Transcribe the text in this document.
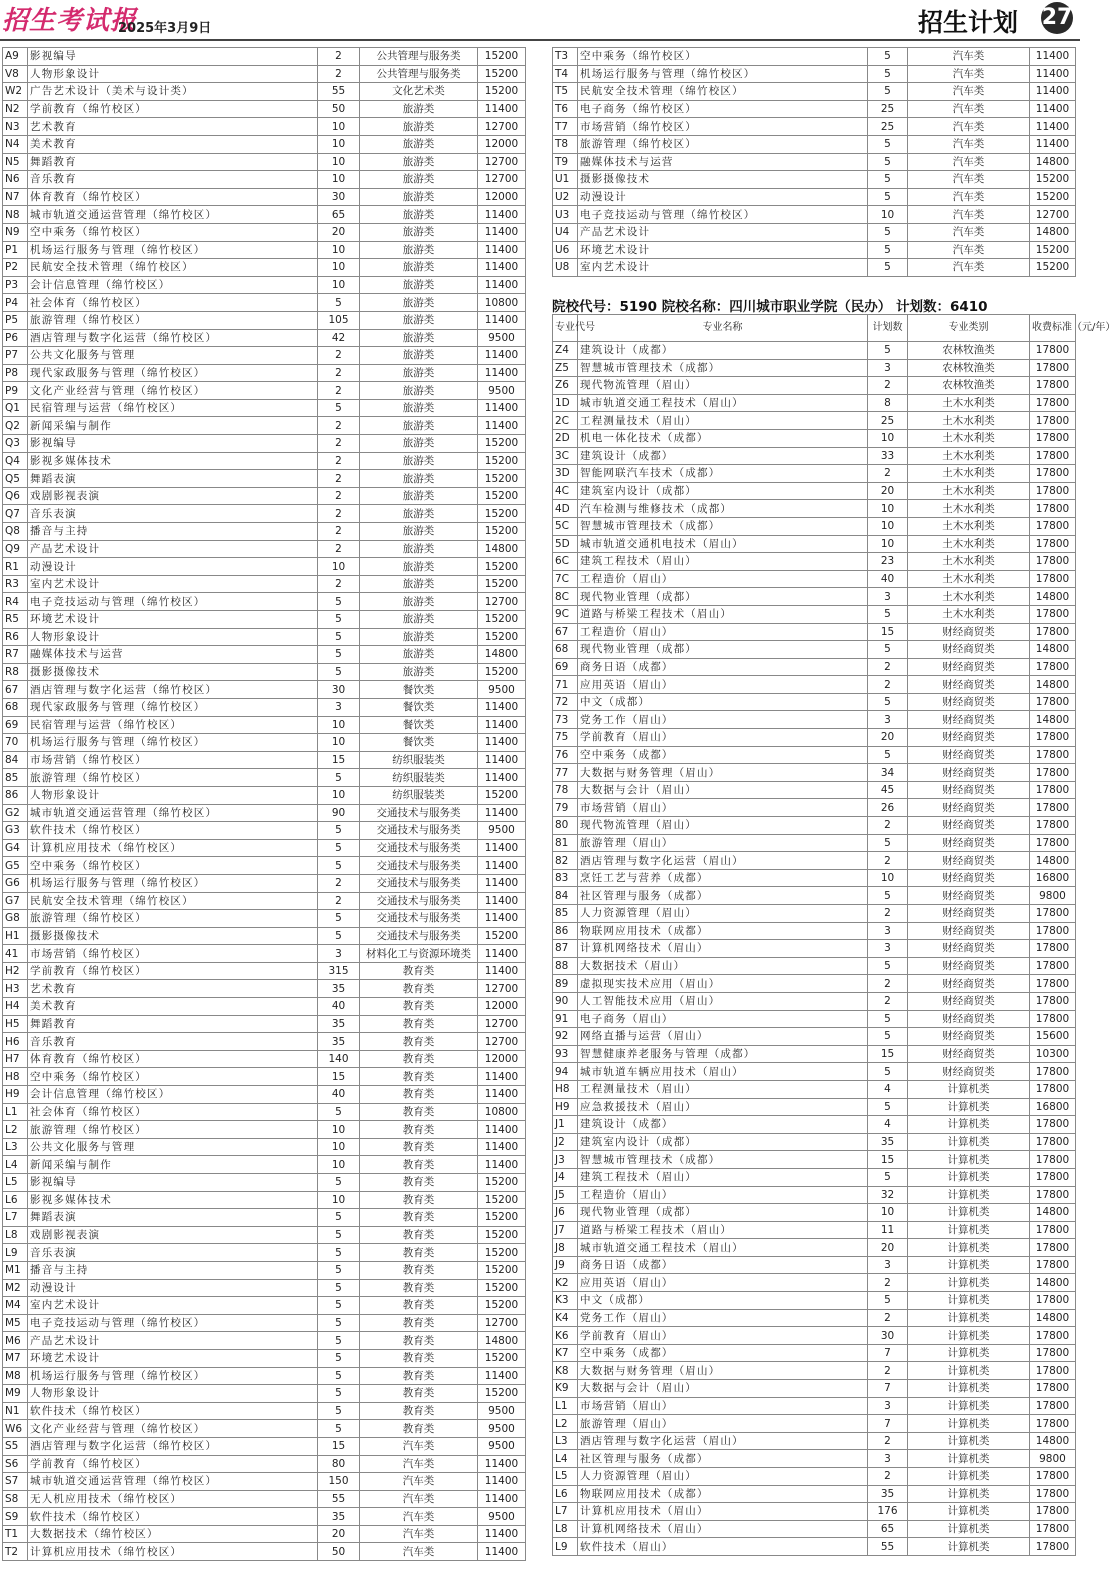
招生考试报
2025年3月9日	招生计划 27
A9	影视编导	2	公共管理与服务类	15200
V8	人物形象设计	2	公共管理与服务类	15200
W2	广告艺术设计（美术与设计类）	55	文化艺术类	15200
N2	学前教育（绵竹校区）	50	旅游类	11400
N3	艺术教育	10	旅游类	12700
N4	美术教育	10	旅游类	12000
N5	舞蹈教育	10	旅游类	12700
N6	音乐教育	10	旅游类	12700
N7	体育教育（绵竹校区）	30	旅游类	12000
N8	城市轨道交通运营管理（绵竹校区）	65	旅游类	11400
N9	空中乘务（绵竹校区）	20	旅游类	11400
P1	机场运行服务与管理（绵竹校区）	10	旅游类	11400
P2	民航安全技术管理（绵竹校区）	10	旅游类	11400
P3	会计信息管理（绵竹校区）	10	旅游类	11400
P4	社会体育（绵竹校区）	5	旅游类	10800
P5	旅游管理（绵竹校区）	105	旅游类	11400
P6	酒店管理与数字化运营（绵竹校区）	42	旅游类	9500
P7	公共文化服务与管理	2	旅游类	11400
P8	现代家政服务与管理（绵竹校区）	2	旅游类	11400
P9	文化产业经营与管理（绵竹校区）	2	旅游类	9500
Q1	民宿管理与运营（绵竹校区）	5	旅游类	11400
Q2	新闻采编与制作	2	旅游类	11400
Q3	影视编导	2	旅游类	15200
Q4	影视多媒体技术	2	旅游类	15200
Q5	舞蹈表演	2	旅游类	15200
Q6	戏剧影视表演	2	旅游类	15200
Q7	音乐表演	2	旅游类	15200
Q8	播音与主持	2	旅游类	15200
Q9	产品艺术设计	2	旅游类	14800
R1	动漫设计	10	旅游类	15200
R3	室内艺术设计	2	旅游类	15200
R4	电子竞技运动与管理（绵竹校区）	5	旅游类	12700
R5	环境艺术设计	5	旅游类	15200
R6	人物形象设计	5	旅游类	15200
R7	融媒体技术与运营	5	旅游类	14800
R8	摄影摄像技术	5	旅游类	15200
67	酒店管理与数字化运营（绵竹校区）	30	餐饮类	9500
68	现代家政服务与管理（绵竹校区）	3	餐饮类	11400
69	民宿管理与运营（绵竹校区）	10	餐饮类	11400
70	机场运行服务与管理（绵竹校区）	10	餐饮类	11400
84	市场营销（绵竹校区）	15	纺织服装类	11400
85	旅游管理（绵竹校区）	5	纺织服装类	11400
86	人物形象设计	10	纺织服装类	15200
G2	城市轨道交通运营管理（绵竹校区）	90	交通技术与服务类	11400
G3	软件技术（绵竹校区）	5	交通技术与服务类	9500
G4	计算机应用技术（绵竹校区）	5	交通技术与服务类	11400
G5	空中乘务（绵竹校区）	5	交通技术与服务类	11400
G6	机场运行服务与管理（绵竹校区）	2	交通技术与服务类	11400
G7	民航安全技术管理（绵竹校区）	2	交通技术与服务类	11400
G8	旅游管理（绵竹校区）	5	交通技术与服务类	11400
H1	摄影摄像技术	5	交通技术与服务类	15200
41	市场营销（绵竹校区）	3	材料化工与资源环境类	11400
H2	学前教育（绵竹校区）	315	教育类	11400
H3	艺术教育	35	教育类	12700
H4	美术教育	40	教育类	12000
H5	舞蹈教育	35	教育类	12700
H6	音乐教育	35	教育类	12700
H7	体育教育（绵竹校区）	140	教育类	12000
H8	空中乘务（绵竹校区）	15	教育类	11400
H9	会计信息管理（绵竹校区）	40	教育类	11400
L1	社会体育（绵竹校区）	5	教育类	10800
L2	旅游管理（绵竹校区）	10	教育类	11400
L3	公共文化服务与管理	10	教育类	11400
L4	新闻采编与制作	10	教育类	11400
L5	影视编导	5	教育类	15200
L6	影视多媒体技术	10	教育类	15200
L7	舞蹈表演	5	教育类	15200
L8	戏剧影视表演	5	教育类	15200
L9	音乐表演	5	教育类	15200
M1	播音与主持	5	教育类	15200
M2	动漫设计	5	教育类	15200
M4	室内艺术设计	5	教育类	15200
M5	电子竞技运动与管理（绵竹校区）	5	教育类	12700
M6	产品艺术设计	5	教育类	14800
M7	环境艺术设计	5	教育类	15200
M8	机场运行服务与管理（绵竹校区）	5	教育类	11400
M9	人物形象设计	5	教育类	15200
N1	软件技术（绵竹校区）	5	教育类	9500
W6	文化产业经营与管理（绵竹校区）	5	教育类	9500
S5	酒店管理与数字化运营（绵竹校区）	15	汽车类	9500
S6	学前教育（绵竹校区）	80	汽车类	11400
S7	城市轨道交通运营管理（绵竹校区）	150	汽车类	11400
S8	无人机应用技术（绵竹校区）	55	汽车类	11400
S9	软件技术（绵竹校区）	35	汽车类	9500
T1	大数据技术（绵竹校区）	20	汽车类	11400
T2	计算机应用技术（绵竹校区）	50	汽车类	11400
T3	空中乘务（绵竹校区）	5	汽车类	11400
T4	机场运行服务与管理（绵竹校区）	5	汽车类	11400
T5	民航安全技术管理（绵竹校区）	5	汽车类	11400
T6	电子商务（绵竹校区）	25	汽车类	11400
T7	市场营销（绵竹校区）	25	汽车类	11400
T8	旅游管理（绵竹校区）	5	汽车类	11400
T9	融媒体技术与运营	5	汽车类	14800
U1	摄影摄像技术	5	汽车类	15200
U2	动漫设计	5	汽车类	15200
U3	电子竞技运动与管理（绵竹校区）	10	汽车类	12700
U4	产品艺术设计	5	汽车类	14800
U6	环境艺术设计	5	汽车类	15200
U8	室内艺术设计	5	汽车类	15200
院校代号：5190 院校名称：四川城市职业学院（民办） 计划数：6410
专业代号	专业名称	计划数	专业类别	收费标准（元/年）
Z4	建筑设计（成都）	5	农林牧渔类	17800
Z5	智慧城市管理技术（成都）	3	农林牧渔类	17800
Z6	现代物流管理（眉山）	2	农林牧渔类	17800
1D	城市轨道交通工程技术（眉山）	8	土木水利类	17800
2C	工程测量技术（眉山）	25	土木水利类	17800
2D	机电一体化技术（成都）	10	土木水利类	17800
3C	建筑设计（成都）	33	土木水利类	17800
3D	智能网联汽车技术（成都）	2	土木水利类	17800
4C	建筑室内设计（成都）	20	土木水利类	17800
4D	汽车检测与维修技术（成都）	10	土木水利类	17800
5C	智慧城市管理技术（成都）	10	土木水利类	17800
5D	城市轨道交通机电技术（眉山）	10	土木水利类	17800
6C	建筑工程技术（眉山）	23	土木水利类	17800
7C	工程造价（眉山）	40	土木水利类	17800
8C	现代物业管理（成都）	3	土木水利类	14800
9C	道路与桥梁工程技术（眉山）	5	土木水利类	17800
67	工程造价（眉山）	15	财经商贸类	17800
68	现代物业管理（成都）	5	财经商贸类	14800
69	商务日语（成都）	2	财经商贸类	17800
71	应用英语（眉山）	2	财经商贸类	14800
72	中文（成都）	5	财经商贸类	17800
73	党务工作（眉山）	3	财经商贸类	14800
75	学前教育（眉山）	20	财经商贸类	17800
76	空中乘务（成都）	5	财经商贸类	17800
77	大数据与财务管理（眉山）	34	财经商贸类	17800
78	大数据与会计（眉山）	45	财经商贸类	17800
79	市场营销（眉山）	26	财经商贸类	17800
80	现代物流管理（眉山）	2	财经商贸类	17800
81	旅游管理（眉山）	5	财经商贸类	17800
82	酒店管理与数字化运营（眉山）	2	财经商贸类	14800
83	烹饪工艺与营养（成都）	10	财经商贸类	16800
84	社区管理与服务（成都）	5	财经商贸类	9800
85	人力资源管理（眉山）	2	财经商贸类	17800
86	物联网应用技术（成都）	3	财经商贸类	17800
87	计算机网络技术（眉山）	3	财经商贸类	17800
88	大数据技术（眉山）	5	财经商贸类	17800
89	虚拟现实技术应用（眉山）	2	财经商贸类	17800
90	人工智能技术应用（眉山）	2	财经商贸类	17800
91	电子商务（眉山）	5	财经商贸类	17800
92	网络直播与运营（眉山）	5	财经商贸类	15600
93	智慧健康养老服务与管理（成都）	15	财经商贸类	10300
94	城市轨道车辆应用技术（眉山）	5	财经商贸类	17800
H8	工程测量技术（眉山）	4	计算机类	17800
H9	应急救援技术（眉山）	5	计算机类	16800
J1	建筑设计（成都）	4	计算机类	17800
J2	建筑室内设计（成都）	35	计算机类	17800
J3	智慧城市管理技术（成都）	15	计算机类	17800
J4	建筑工程技术（眉山）	5	计算机类	17800
J5	工程造价（眉山）	32	计算机类	17800
J6	现代物业管理（成都）	10	计算机类	14800
J7	道路与桥梁工程技术（眉山）	11	计算机类	17800
J8	城市轨道交通工程技术（眉山）	20	计算机类	17800
J9	商务日语（成都）	3	计算机类	17800
K2	应用英语（眉山）	2	计算机类	14800
K3	中文（成都）	5	计算机类	17800
K4	党务工作（眉山）	2	计算机类	14800
K6	学前教育（眉山）	30	计算机类	17800
K7	空中乘务（成都）	7	计算机类	17800
K8	大数据与财务管理（眉山）	2	计算机类	17800
K9	大数据与会计（眉山）	7	计算机类	17800
L1	市场营销（眉山）	3	计算机类	17800
L2	旅游管理（眉山）	7	计算机类	17800
L3	酒店管理与数字化运营（眉山）	2	计算机类	14800
L4	社区管理与服务（成都）	3	计算机类	9800
L5	人力资源管理（眉山）	2	计算机类	17800
L6	物联网应用技术（成都）	35	计算机类	17800
L7	计算机应用技术（眉山）	176	计算机类	17800
L8	计算机网络技术（眉山）	65	计算机类	17800
L9	软件技术（眉山）	55	计算机类	17800
